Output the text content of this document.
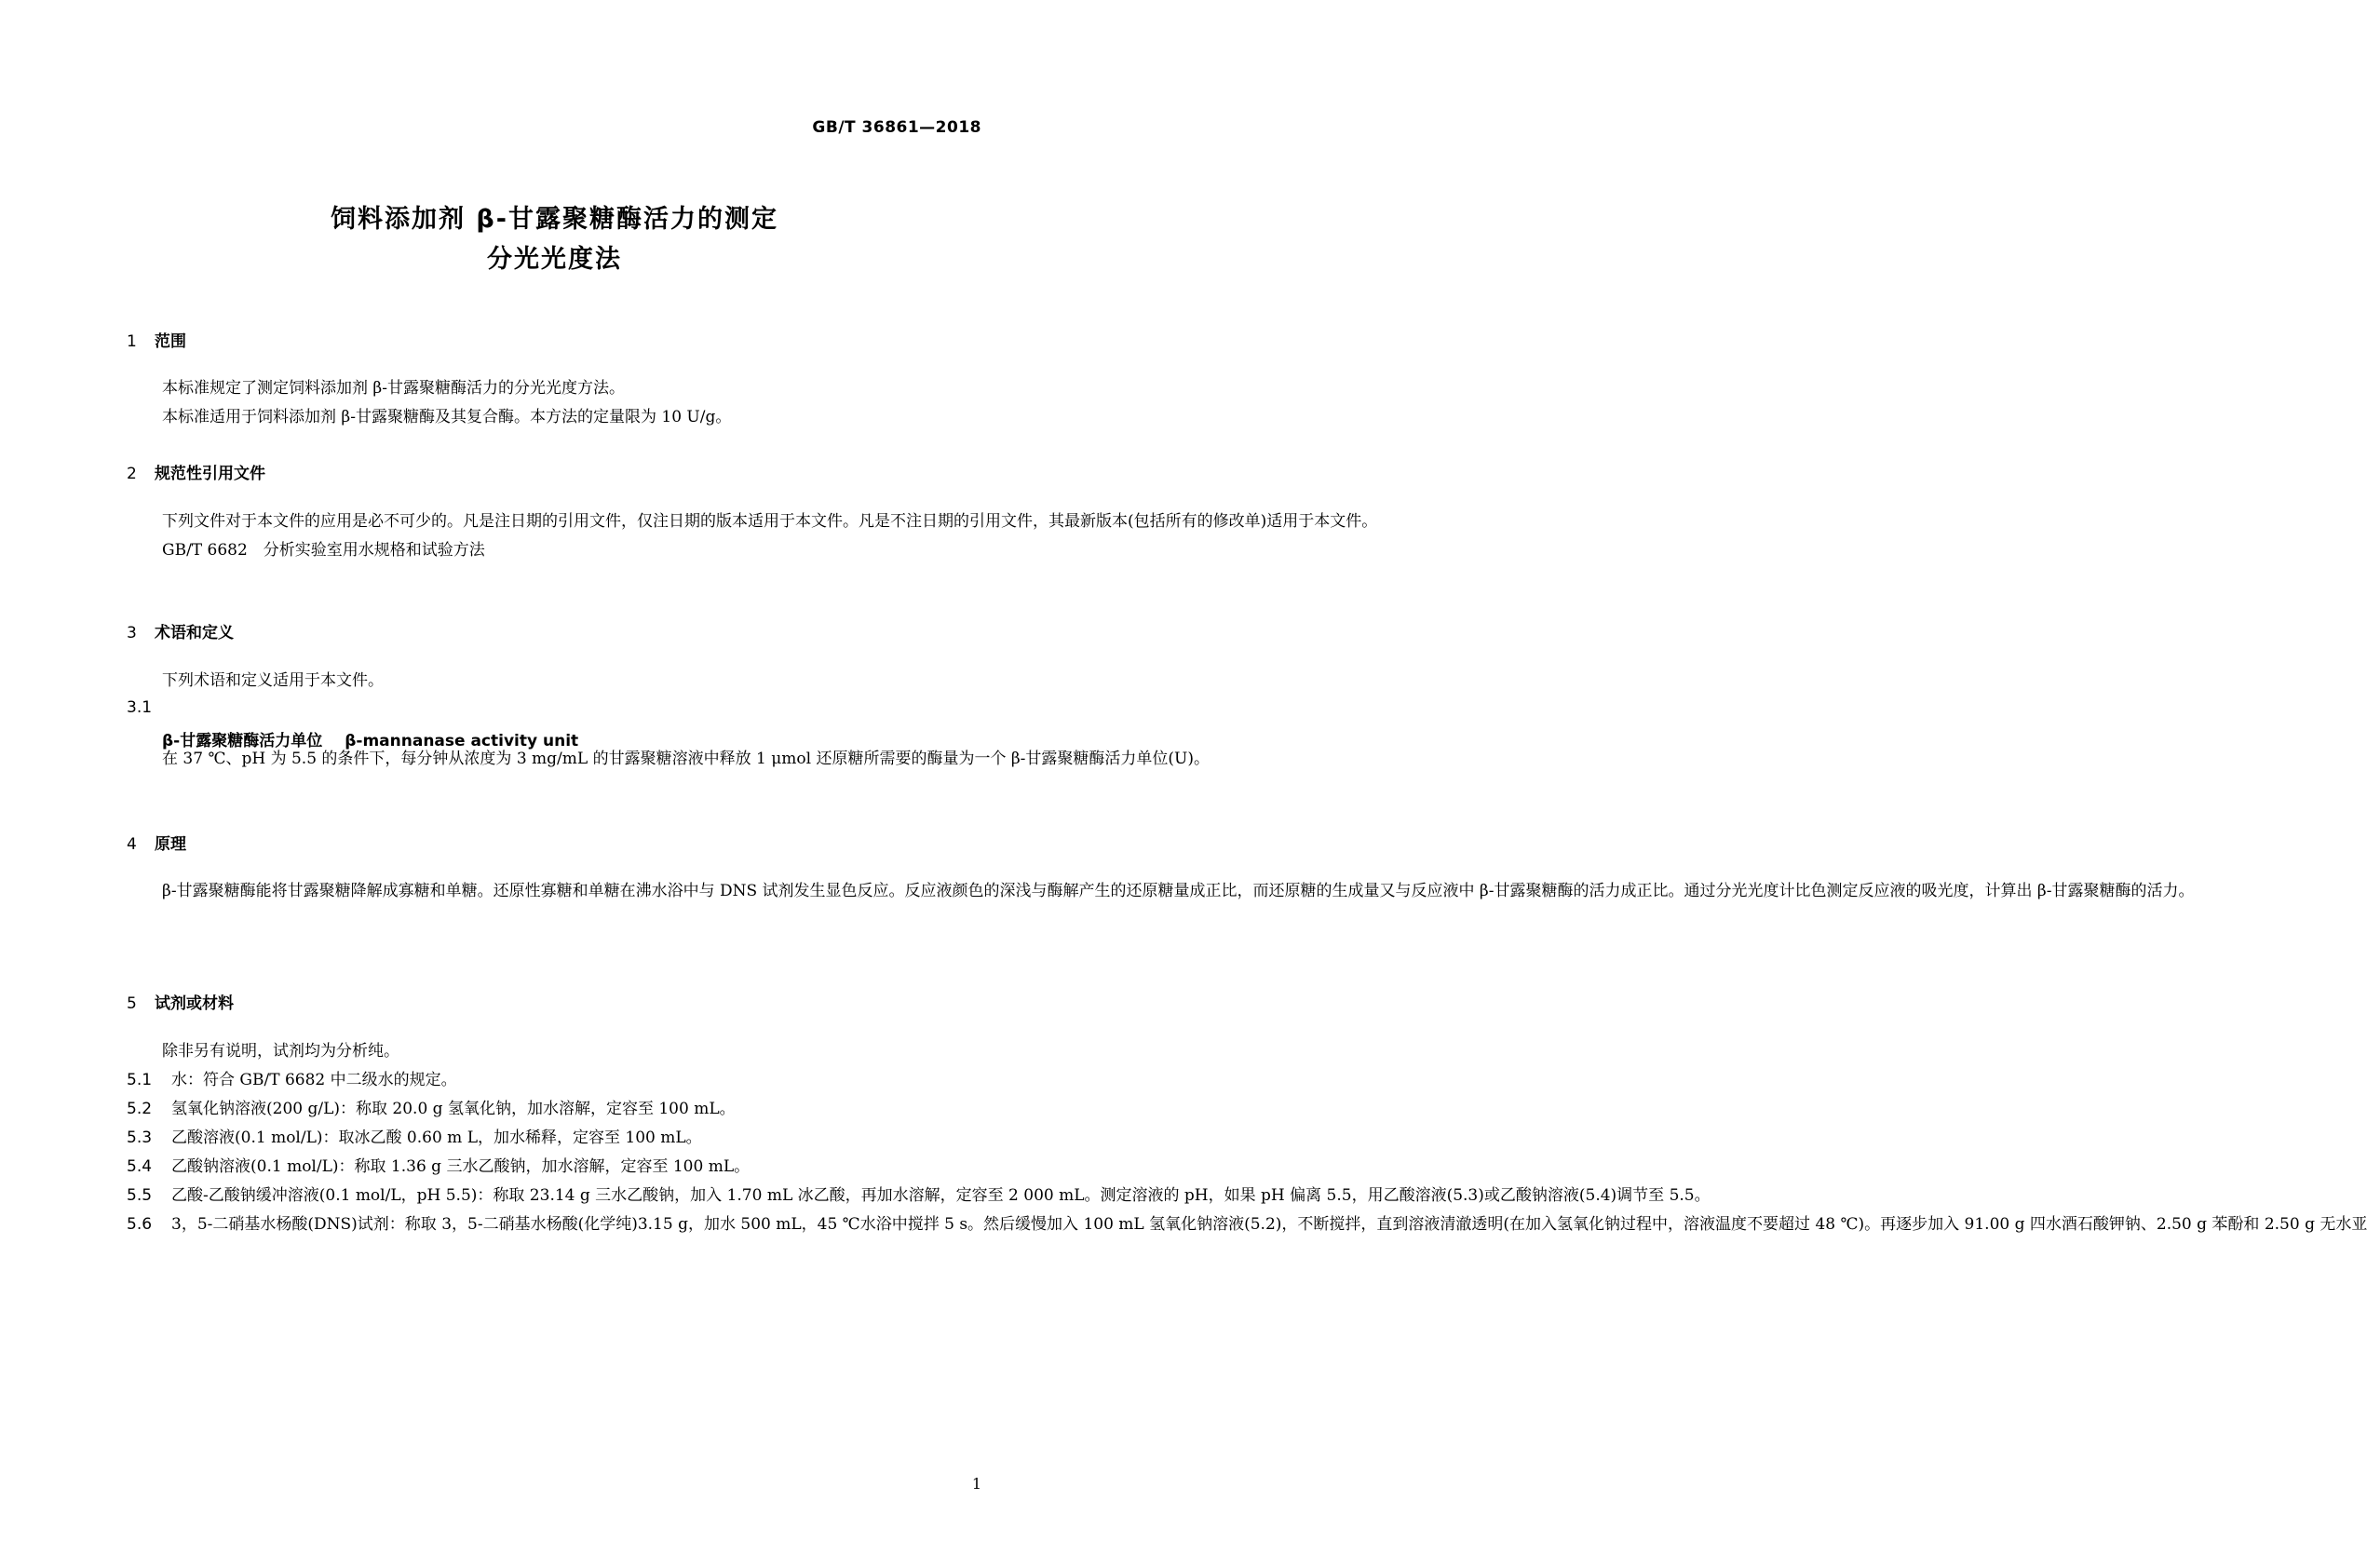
GB/T 36861—2018
饲料添加剂 β-甘露聚糖酶活力的测定
分光光度法
1 范围

本标准规定了测定饲料添加剂 β-甘露聚糖酶活力的分光光度方法。

本标准适用于饲料添加剂 β-甘露聚糖酶及其复合酶。本方法的定量限为 10 U/g。

2 规范性引用文件

下列文件对于本文件的应用是必不可少的。凡是注日期的引用文件，仅注日期的版本适用于本文件。凡是不注日期的引用文件，其最新版本(包括所有的修改单)适用于本文件。

GB/T 6682　分析实验室用水规格和试验方法

3 术语和定义

下列术语和定义适用于本文件。

3.1
β-甘露聚糖酶活力单位 β-mannanase activity unit

在 37 ℃、pH 为 5.5 的条件下，每分钟从浓度为 3 mg/mL 的甘露聚糖溶液中释放 1 μmol 还原糖所需要的酶量为一个 β-甘露聚糖酶活力单位(U)。

4 原理

β-甘露聚糖酶能将甘露聚糖降解成寡糖和单糖。还原性寡糖和单糖在沸水浴中与 DNS 试剂发生显色反应。反应液颜色的深浅与酶解产生的还原糖量成正比，而还原糖的生成量又与反应液中 β-甘露聚糖酶的活力成正比。通过分光光度计比色测定反应液的吸光度，计算出 β-甘露聚糖酶的活力。

5 试剂或材料

除非另有说明，试剂均为分析纯。

5.1 水：符合 GB/T 6682 中二级水的规定。

5.2 氢氧化钠溶液(200 g/L)：称取 20.0 g 氢氧化钠，加水溶解，定容至 100 mL。

5.3 乙酸溶液(0.1 mol/L)：取冰乙酸 0.60 m L，加水稀释，定容至 100 mL。

5.4 乙酸钠溶液(0.1 mol/L)：称取 1.36 g 三水乙酸钠，加水溶解，定容至 100 mL。

5.5 乙酸-乙酸钠缓冲溶液(0.1 mol/L，pH 5.5)：称取 23.14 g 三水乙酸钠，加入 1.70 mL 冰乙酸，再加水溶解，定容至 2 000 mL。测定溶液的 pH，如果 pH 偏离 5.5，用乙酸溶液(5.3)或乙酸钠溶液(5.4)调节至 5.5。

5.6 3，5-二硝基水杨酸(DNS)试剂：称取 3，5-二硝基水杨酸(化学纯)3.15 g，加水 500 mL，45 ℃水浴中搅拌 5 s。然后缓慢加入 100 mL 氢氧化钠溶液(5.2)，不断搅拌，直到溶液清澈透明(在加入氢氧化钠过程中，溶液温度不要超过 48 ℃)。再逐步加入 91.00 g 四水酒石酸钾钠、2.50 g 苯酚和 2.50 g 无水亚

1
